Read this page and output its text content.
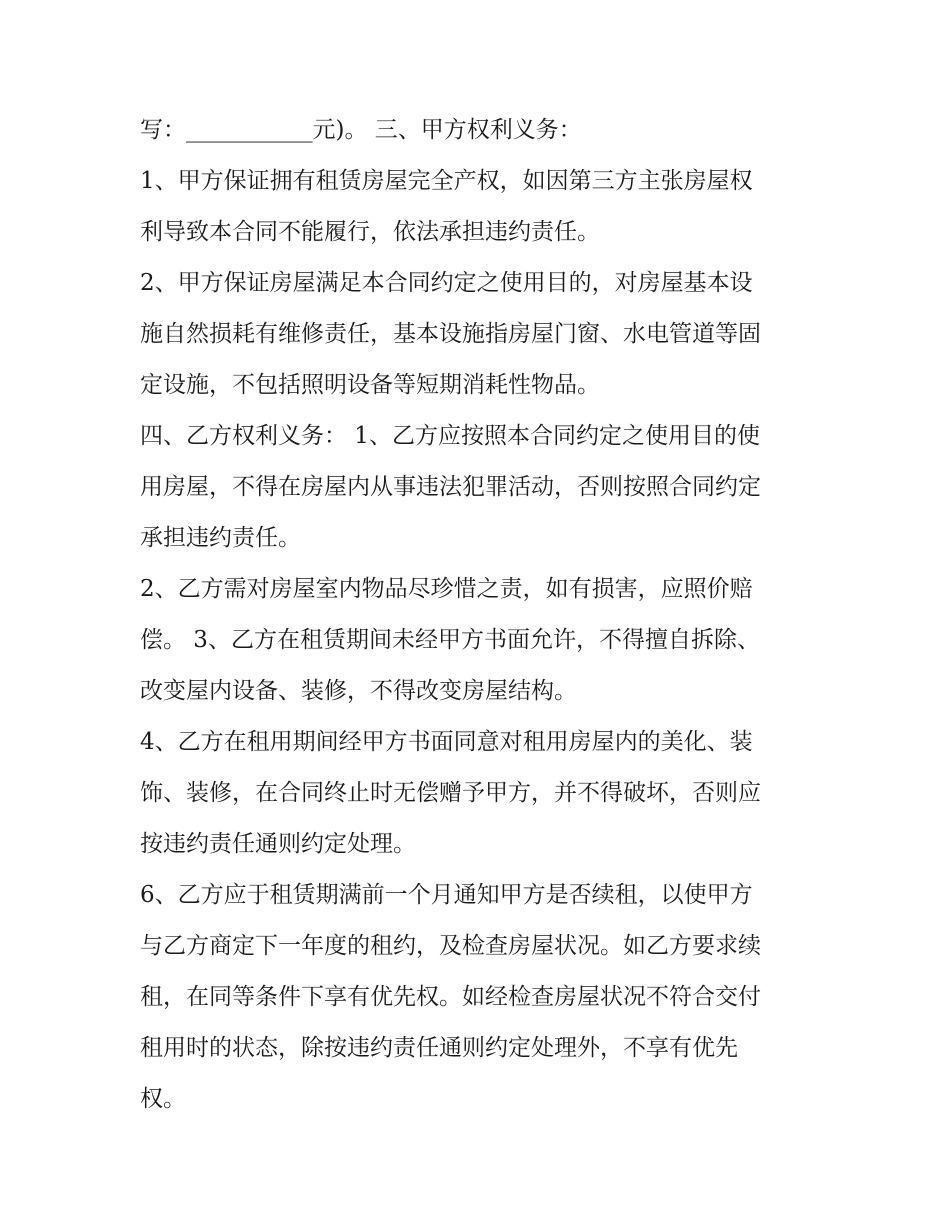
写：___________元)。 三、甲方权利义务：
1、甲方保证拥有租赁房屋完全产权，如因第三方主张房屋权
利导致本合同不能履行，依法承担违约责任。
2、甲方保证房屋满足本合同约定之使用目的，对房屋基本设
施自然损耗有维修责任，基本设施指房屋门窗、水电管道等固
定设施，不包括照明设备等短期消耗性物品。
四、乙方权利义务： 1、乙方应按照本合同约定之使用目的使
用房屋，不得在房屋内从事违法犯罪活动，否则按照合同约定
承担违约责任。
2、乙方需对房屋室内物品尽珍惜之责，如有损害，应照价赔
偿。 3、乙方在租赁期间未经甲方书面允许，不得擅自拆除、
改变屋内设备、装修，不得改变房屋结构。
4、乙方在租用期间经甲方书面同意对租用房屋内的美化、装
饰、装修，在合同终止时无偿赠予甲方，并不得破坏，否则应
按违约责任通则约定处理。
6、乙方应于租赁期满前一个月通知甲方是否续租，以使甲方
与乙方商定下一年度的租约，及检查房屋状况。如乙方要求续
租，在同等条件下享有优先权。如经检查房屋状况不符合交付
租用时的状态，除按违约责任通则约定处理外，不享有优先
权。
